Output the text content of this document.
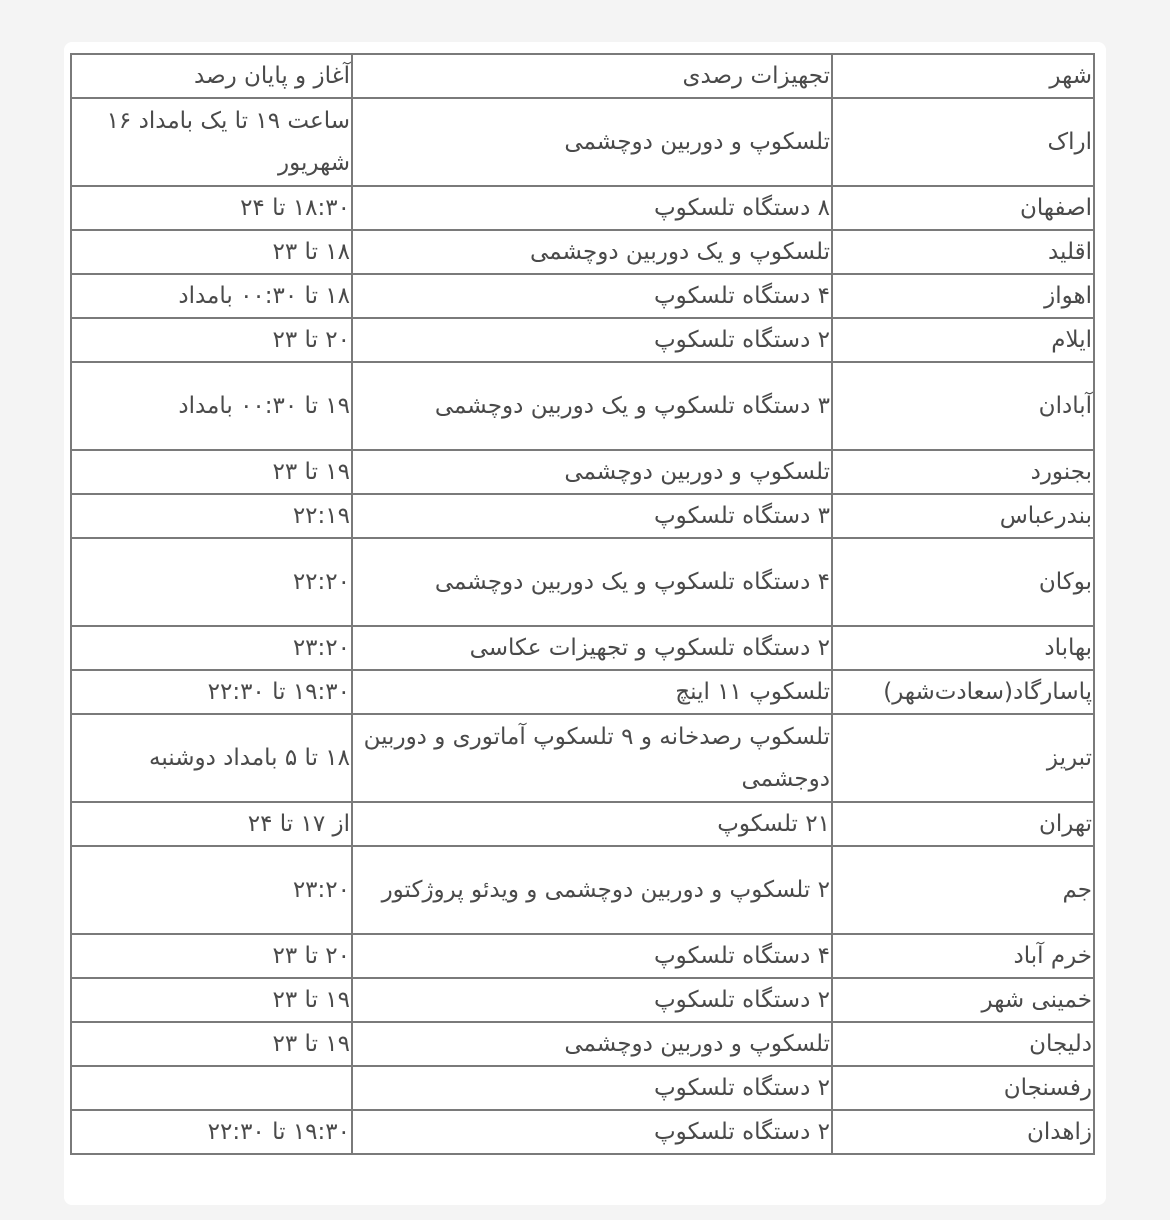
شهر	تجهیزات رصدی	آغاز و پایان رصد
اراک	تلسکوپ و دوربین دوچشمی	ساعت ۱۹ تا یک بامداد ۱۶ شهریور
اصفهان	۸ دستگاه تلسکوپ	۱۸:۳۰ تا ۲۴
اقلید	تلسکوپ و یک دوربین دوچشمی	۱۸ تا ۲۳
اهواز	۴ دستگاه تلسکوپ	۱۸ تا ۰۰:۳۰ بامداد
ایلام	۲ دستگاه تلسکوپ	۲۰ تا ۲۳
آبادان	۳ دستگاه تلسکوپ و یک دوربین دوچشمی	۱۹ تا ۰۰:۳۰ بامداد
بجنورد	تلسکوپ و دوربین دوچشمی	۱۹ تا ۲۳
بندرعباس	۳ دستگاه تلسکوپ	۲۲:۱۹
بوکان	۴ دستگاه تلسکوپ و یک دوربین دوچشمی	۲۲:۲۰
بهاباد	۲ دستگاه تلسکوپ و تجهیزات عکاسی	۲۳:۲۰
پاسارگاد(سعادت‌شهر)	تلسکوپ ۱۱ اینچ	۱۹:۳۰ تا ۲۲:۳۰
تبریز	تلسکوپ رصدخانه و ۹ تلسکوپ آماتوری و دوربین دوجشمی	۱۸ تا ۵ بامداد دوشنبه
تهران	۲۱ تلسکوپ	از ۱۷ تا ۲۴
جم	۲ تلسکوپ و دوربین دوچشمی و ویدئو پروژکتور	۲۳:۲۰
خرم آباد	۴ دستگاه تلسکوپ	۲۰ تا ۲۳
خمینی شهر	۲ دستگاه تلسکوپ	۱۹ تا ۲۳
دلیجان	تلسکوپ و دوربین دوچشمی	۱۹ تا ۲۳
رفسنجان	۲ دستگاه تلسکوپ	
زاهدان	۲ دستگاه تلسکوپ	۱۹:۳۰ تا ۲۲:۳۰
